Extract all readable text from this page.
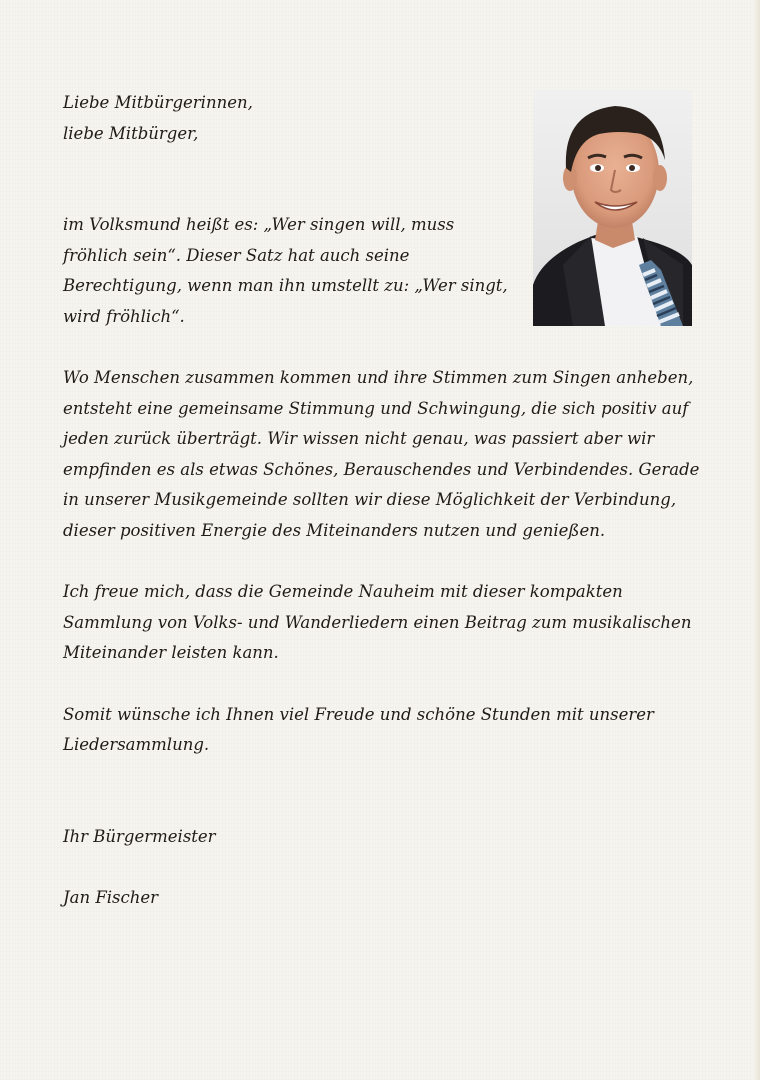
Liebe Mitbürgerinnen,
liebe Mitbürger,

im Volksmund heißt es: „Wer singen will, muss fröhlich sein“. Dieser Satz hat auch seine Berechtigung, wenn man ihn umstellt zu: „Wer singt, wird fröhlich“.

Wo Menschen zusammen kommen und ihre Stimmen zum Singen anheben, entsteht eine gemeinsame Stimmung und Schwingung, die sich positiv auf jeden zurück überträgt. Wir wissen nicht genau, was passiert aber wir empfinden es als etwas Schönes, Berauschendes und Verbindendes. Gerade in unserer Musikgemeinde sollten wir diese Möglichkeit der Verbindung, dieser positiven Energie des Miteinanders nutzen und genießen.

Ich freue mich, dass die Gemeinde Nauheim mit dieser kompakten Sammlung von Volks- und Wanderliedern einen Beitrag zum musikalischen Miteinander leisten kann.

Somit wünsche ich Ihnen viel Freude und schöne Stunden mit unserer Liedersammlung.

Ihr Bürgermeister

Jan Fischer
